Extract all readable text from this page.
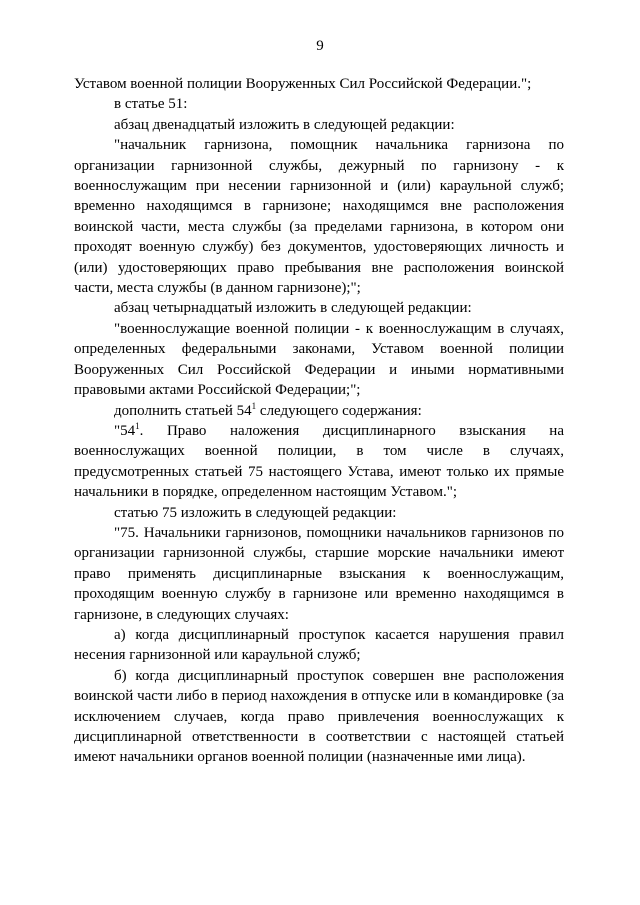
9

Уставом военной полиции Вооруженных Сил Российской Федерации.";

в статье 51:

абзац двенадцатый изложить в следующей редакции:

"начальник гарнизона, помощник начальника гарнизона по организации гарнизонной службы, дежурный по гарнизону - к военнослужащим при несении гарнизонной и (или) караульной служб; временно находящимся в гарнизоне; находящимся вне расположения воинской части, места службы (за пределами гарнизона, в котором они проходят военную службу) без документов, удостоверяющих личность и (или) удостоверяющих право пребывания вне расположения воинской части, места службы (в данном гарнизоне);";

абзац четырнадцатый изложить в следующей редакции:

"военнослужащие военной полиции - к военнослужащим в случаях, определенных федеральными законами, Уставом военной полиции Вооруженных Сил Российской Федерации и иными нормативными правовыми актами Российской Федерации;";

дополнить статьей $54^1$ следующего содержания:

"$54^1$. Право наложения дисциплинарного взыскания на военнослужащих военной полиции, в том числе в случаях, предусмотренных статьей 75 настоящего Устава, имеют только их прямые начальники в порядке, определенном настоящим Уставом.";

статью 75 изложить в следующей редакции:

"75. Начальники гарнизонов, помощники начальников гарнизонов по организации гарнизонной службы, старшие морские начальники имеют право применять дисциплинарные взыскания к военнослужащим, проходящим военную службу в гарнизоне или временно находящимся в гарнизоне, в следующих случаях:

а) когда дисциплинарный проступок касается нарушения правил несения гарнизонной или караульной служб;

б) когда дисциплинарный проступок совершен вне расположения воинской части либо в период нахождения в отпуске или в командировке (за исключением случаев, когда право привлечения военнослужащих к дисциплинарной ответственности в соответствии с настоящей статьей имеют начальники органов военной полиции (назначенные ими лица).
